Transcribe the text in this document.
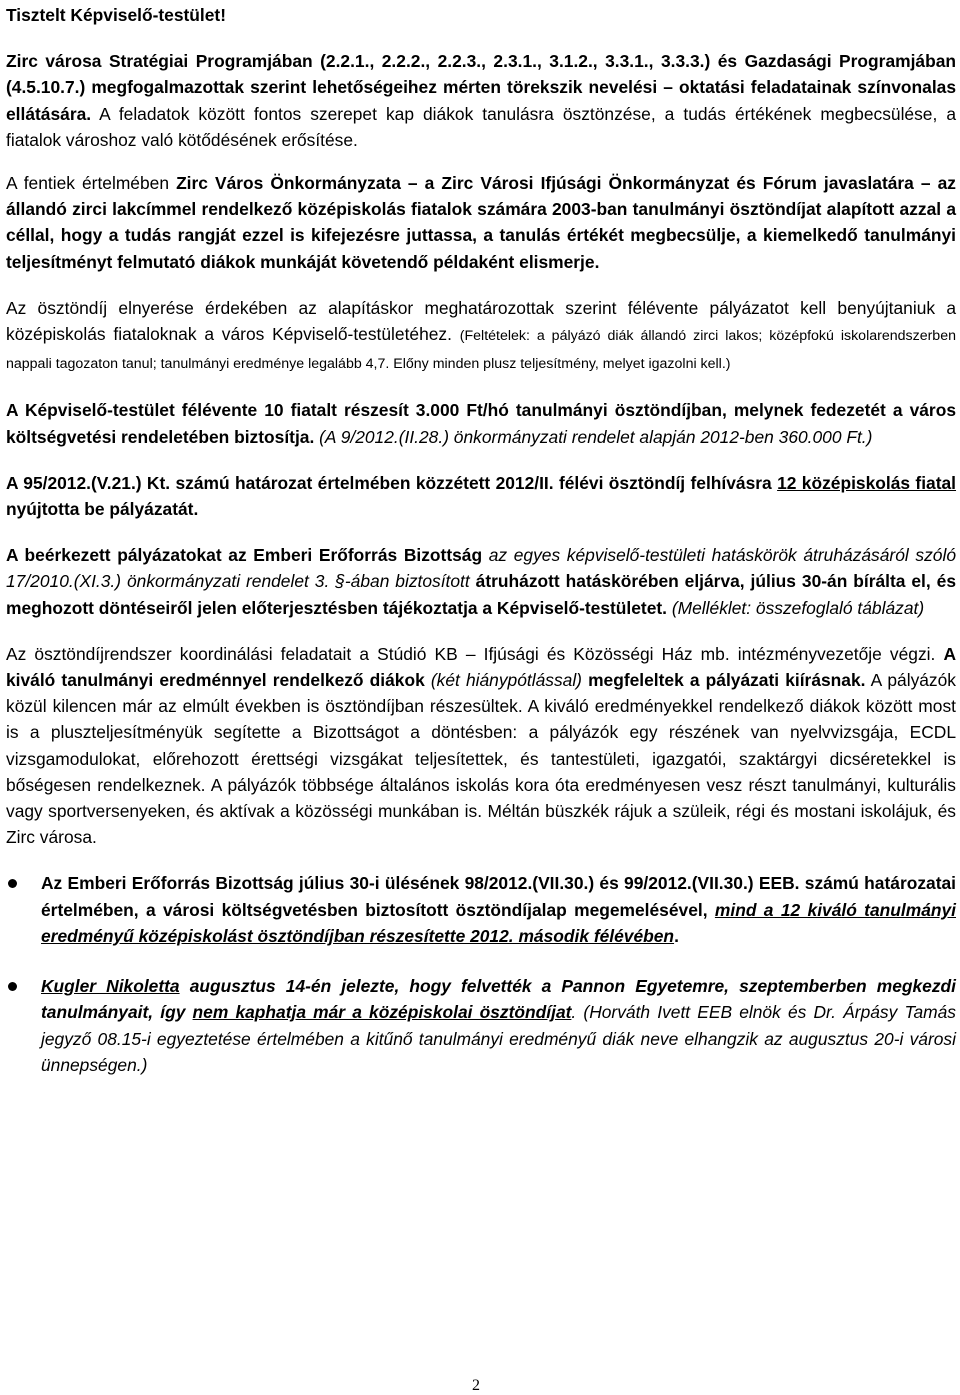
Tisztelt Képviselő-testület!

Zirc városa Stratégiai Programjában (2.2.1., 2.2.2., 2.2.3., 2.3.1., 3.1.2., 3.3.1., 3.3.3.) és Gazdasági Programjában (4.5.10.7.) megfogalmazottak szerint lehetőségeihez mérten törekszik nevelési – oktatási feladatainak színvonalas ellátására. A feladatok között fontos szerepet kap diákok tanulásra ösztönzése, a tudás értékének megbecsülése, a fiatalok városhoz való kötődésének erősítése.

A fentiek értelmében Zirc Város Önkormányzata – a Zirc Városi Ifjúsági Önkormányzat és Fórum javaslatára – az állandó zirci lakcímmel rendelkező középiskolás fiatalok számára 2003-ban tanulmányi ösztöndíjat alapított azzal a céllal, hogy a tudás rangját ezzel is kifejezésre juttassa, a tanulás értékét megbecsülje, a kiemelkedő tanulmányi teljesítményt felmutató diákok munkáját követendő példaként elismerje.

Az ösztöndíj elnyerése érdekében az alapításkor meghatározottak szerint félévente pályázatot kell benyújtaniuk a középiskolás fiataloknak a város Képviselő-testületéhez. (Feltételek: a pályázó diák állandó zirci lakos; középfokú iskolarendszerben nappali tagozaton tanul; tanulmányi eredménye legalább 4,7. Előny minden plusz teljesítmény, melyet igazolni kell.)

A Képviselő-testület félévente 10 fiatalt részesít 3.000 Ft/hó tanulmányi ösztöndíjban, melynek fedezetét a város költségvetési rendeletében biztosítja. (A 9/2012.(II.28.) önkormányzati rendelet alapján 2012-ben 360.000 Ft.)

A 95/2012.(V.21.) Kt. számú határozat értelmében közzétett 2012/II. félévi ösztöndíj felhívásra 12 középiskolás fiatal nyújtotta be pályázatát.

A beérkezett pályázatokat az Emberi Erőforrás Bizottság az egyes képviselő-testületi hatáskörök átruházásáról szóló 17/2010.(XI.3.) önkormányzati rendelet 3. §-ában biztosított átruházott hatáskörében eljárva, július 30-án bírálta el, és meghozott döntéseiről jelen előterjesztésben tájékoztatja a Képviselő-testületet. (Melléklet: összefoglaló táblázat)

Az ösztöndíjrendszer koordinálási feladatait a Stúdió KB – Ifjúsági és Közösségi Ház mb. intézményvezetője végzi. A kiváló tanulmányi eredménnyel rendelkező diákok (két hiánypótlással) megfeleltek a pályázati kiírásnak. A pályázók közül kilencen már az elmúlt években is ösztöndíjban részesültek. A kiváló eredményekkel rendelkező diákok között most is a pluszteljesítményük segítette a Bizottságot a döntésben: a pályázók egy részének van nyelvvizsgája, ECDL vizsgamodulokat, előrehozott érettségi vizsgákat teljesítettek, és tantestületi, igazgatói, szaktárgyi dicséretekkel is bőségesen rendelkeznek. A pályázók többsége általános iskolás kora óta eredményesen vesz részt tanulmányi, kulturális vagy sportversenyeken, és aktívak a közösségi munkában is. Méltán büszkék rájuk a szüleik, régi és mostani iskolájuk, és Zirc városa.

Az Emberi Erőforrás Bizottság július 30-i ülésének 98/2012.(VII.30.) és 99/2012.(VII.30.) EEB. számú határozatai értelmében, a városi költségvetésben biztosított ösztöndíjalap megemelésével, mind a 12 kiváló tanulmányi eredményű középiskolást ösztöndíjban részesítette 2012. második félévében.
Kugler Nikoletta augusztus 14-én jelezte, hogy felvették a Pannon Egyetemre, szeptemberben megkezdi tanulmányait, így nem kaphatja már a középiskolai ösztöndíjat. (Horváth Ivett EEB elnök és Dr. Árpásy Tamás jegyző 08.15-i egyeztetése értelmében a kitűnő tanulmányi eredményű diák neve elhangzik az augusztus 20-i városi ünnepségen.)
2
